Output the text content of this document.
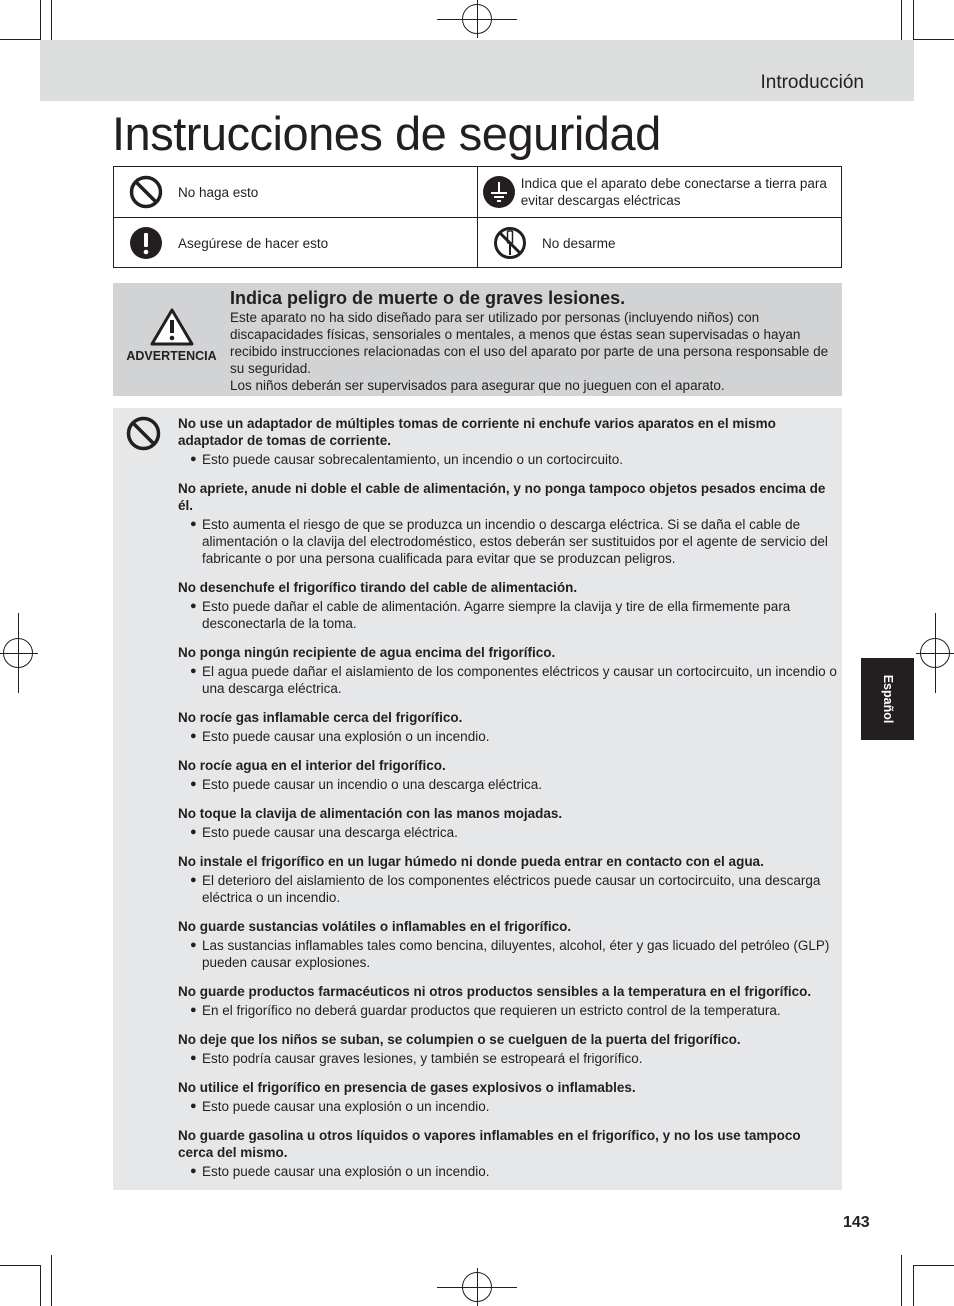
Introducción
Instrucciones de seguridad
No haga esto
Indica que el aparato debe conectarse a tierra para evitar descargas eléctricas
Asegúrese de hacer esto	No desarme
ADVERTENCIA
Indica peligro de muerte o de graves lesiones.
Este aparato no ha sido diseñado para ser utilizado por personas (incluyendo niños) con discapacidades físicas, sensoriales o mentales, a menos que éstas sean supervisadas o hayan recibido instrucciones relacionadas con el uso del aparato por parte de una persona responsable de su seguridad.
Los niños deberán ser supervisados para asegurar que no jueguen con el aparato.
No use un adaptador de múltiples tomas de corriente ni enchufe varios aparatos en el mismo adaptador de tomas de corriente.
● Esto puede causar sobrecalentamiento, un incendio o un cortocircuito.
No apriete, anude ni doble el cable de alimentación, y no ponga tampoco objetos pesados encima de él.
● Esto aumenta el riesgo de que se produzca un incendio o descarga eléctrica. Si se daña el cable de alimentación o la clavija del electrodoméstico, estos deberán ser sustituidos por el agente de servicio del fabricante o por una persona cualificada para evitar que se produzcan peligros.
No desenchufe el frigorífico tirando del cable de alimentación.
● Esto puede dañar el cable de alimentación. Agarre siempre la clavija y tire de ella firmemente para desconectarla de la toma.
No ponga ningún recipiente de agua encima del frigorífico.
● El agua puede dañar el aislamiento de los componentes eléctricos y causar un cortocircuito, un incendio o una descarga eléctrica.
No rocíe gas inflamable cerca del frigorífico.
● Esto puede causar una explosión o un incendio.
No rocíe agua en el interior del frigorífico.
● Esto puede causar un incendio o una descarga eléctrica.
No toque la clavija de alimentación con las manos mojadas.
● Esto puede causar una descarga eléctrica.
No instale el frigorífico en un lugar húmedo ni donde pueda entrar en contacto con el agua.
● El deterioro del aislamiento de los componentes eléctricos puede causar un cortocircuito, una descarga eléctrica o un incendio.
No guarde sustancias volátiles o inflamables en el frigorífico.
● Las sustancias inflamables tales como bencina, diluyentes, alcohol, éter y gas licuado del petróleo (GLP) pueden causar explosiones.
No guarde productos farmacéuticos ni otros productos sensibles a la temperatura en el frigorífico.
● En el frigorífico no deberá guardar productos que requieren un estricto control de la temperatura.
No deje que los niños se suban, se columpien o se cuelguen de la puerta del frigorífico.
● Esto podría causar graves lesiones, y también se estropeará el frigorífico.
No utilice el frigorífico en presencia de gases explosivos o inflamables.
● Esto puede causar una explosión o un incendio.
No guarde gasolina u otros líquidos o vapores inflamables en el frigorífico, y no los use tampoco cerca del mismo.
● Esto puede causar una explosión o un incendio.
Español
143
